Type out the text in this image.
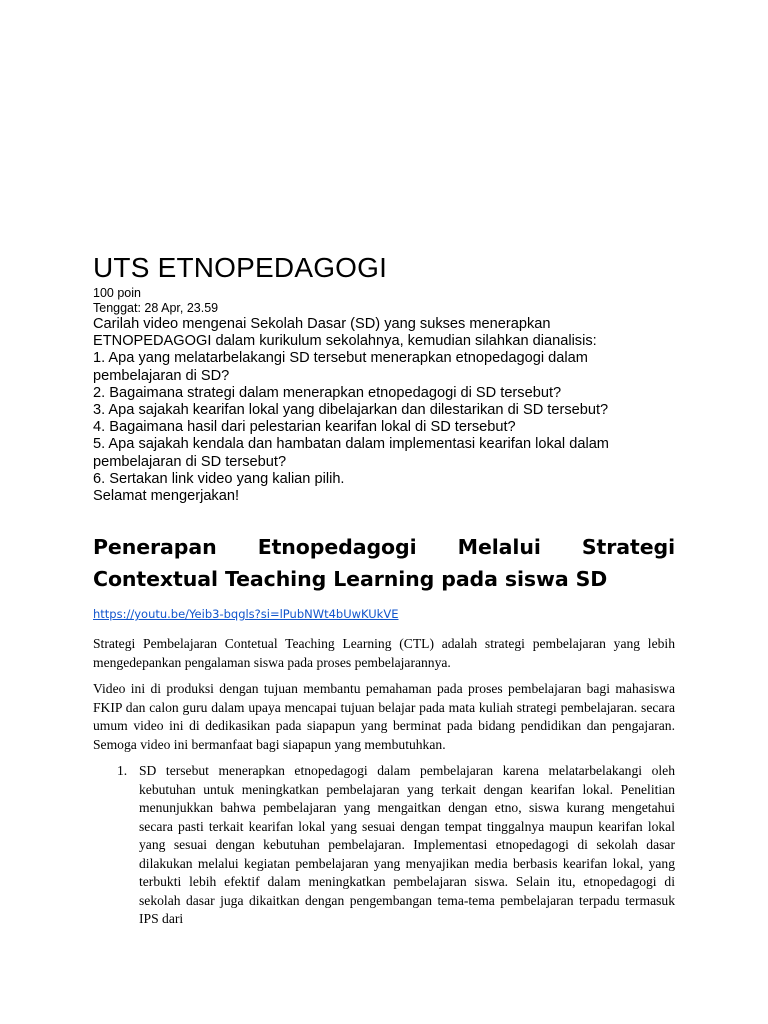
UTS ETNOPEDAGOGI

100 poin

Tenggat: 28 Apr, 23.59

Carilah video mengenai Sekolah Dasar (SD) yang sukses menerapkan
ETNOPEDAGOGI dalam kurikulum sekolahnya, kemudian silahkan dianalisis:
1. Apa yang melatarbelakangi SD tersebut menerapkan etnopedagogi dalam
pembelajaran di SD?
2. Bagaimana strategi dalam menerapkan etnopedagogi di SD tersebut?
3. Apa sajakah kearifan lokal yang dibelajarkan dan dilestarikan di SD tersebut?
4. Bagaimana hasil dari pelestarian kearifan lokal di SD tersebut?
5. Apa sajakah kendala dan hambatan dalam implementasi kearifan lokal dalam
pembelajaran di SD tersebut?
6. Sertakan link video yang kalian pilih.
Selamat mengerjakan!
Penerapan Etnopedagogi Melalui Strategi Contextual Teaching Learning pada siswa SD
https://youtu.be/Yeib3-bqgls?si=lPubNWt4bUwKUkVE

Strategi Pembelajaran Contetual Teaching Learning (CTL) adalah strategi pembelajaran yang lebih mengedepankan pengalaman siswa pada proses pembelajarannya.

Video ini di produksi dengan tujuan membantu pemahaman pada proses pembelajaran bagi mahasiswa FKIP dan calon guru dalam upaya mencapai tujuan belajar pada mata kuliah strategi pembelajaran. secara umum video ini di dedikasikan pada siapapun yang berminat pada bidang pendidikan dan pengajaran. Semoga video ini bermanfaat bagi siapapun yang membutuhkan.

1. SD tersebut menerapkan etnopedagogi dalam pembelajaran karena melatarbelakangi oleh kebutuhan untuk meningkatkan pembelajaran yang terkait dengan kearifan lokal. Penelitian menunjukkan bahwa pembelajaran yang mengaitkan dengan etno, siswa kurang mengetahui secara pasti terkait kearifan lokal yang sesuai dengan tempat tinggalnya maupun kearifan lokal yang sesuai dengan kebutuhan pembelajaran. Implementasi etnopedagogi di sekolah dasar dilakukan melalui kegiatan pembelajaran yang menyajikan media berbasis kearifan lokal, yang terbukti lebih efektif dalam meningkatkan pembelajaran siswa. Selain itu, etnopedagogi di sekolah dasar juga dikaitkan dengan pengembangan tema-tema pembelajaran terpadu termasuk IPS dari
